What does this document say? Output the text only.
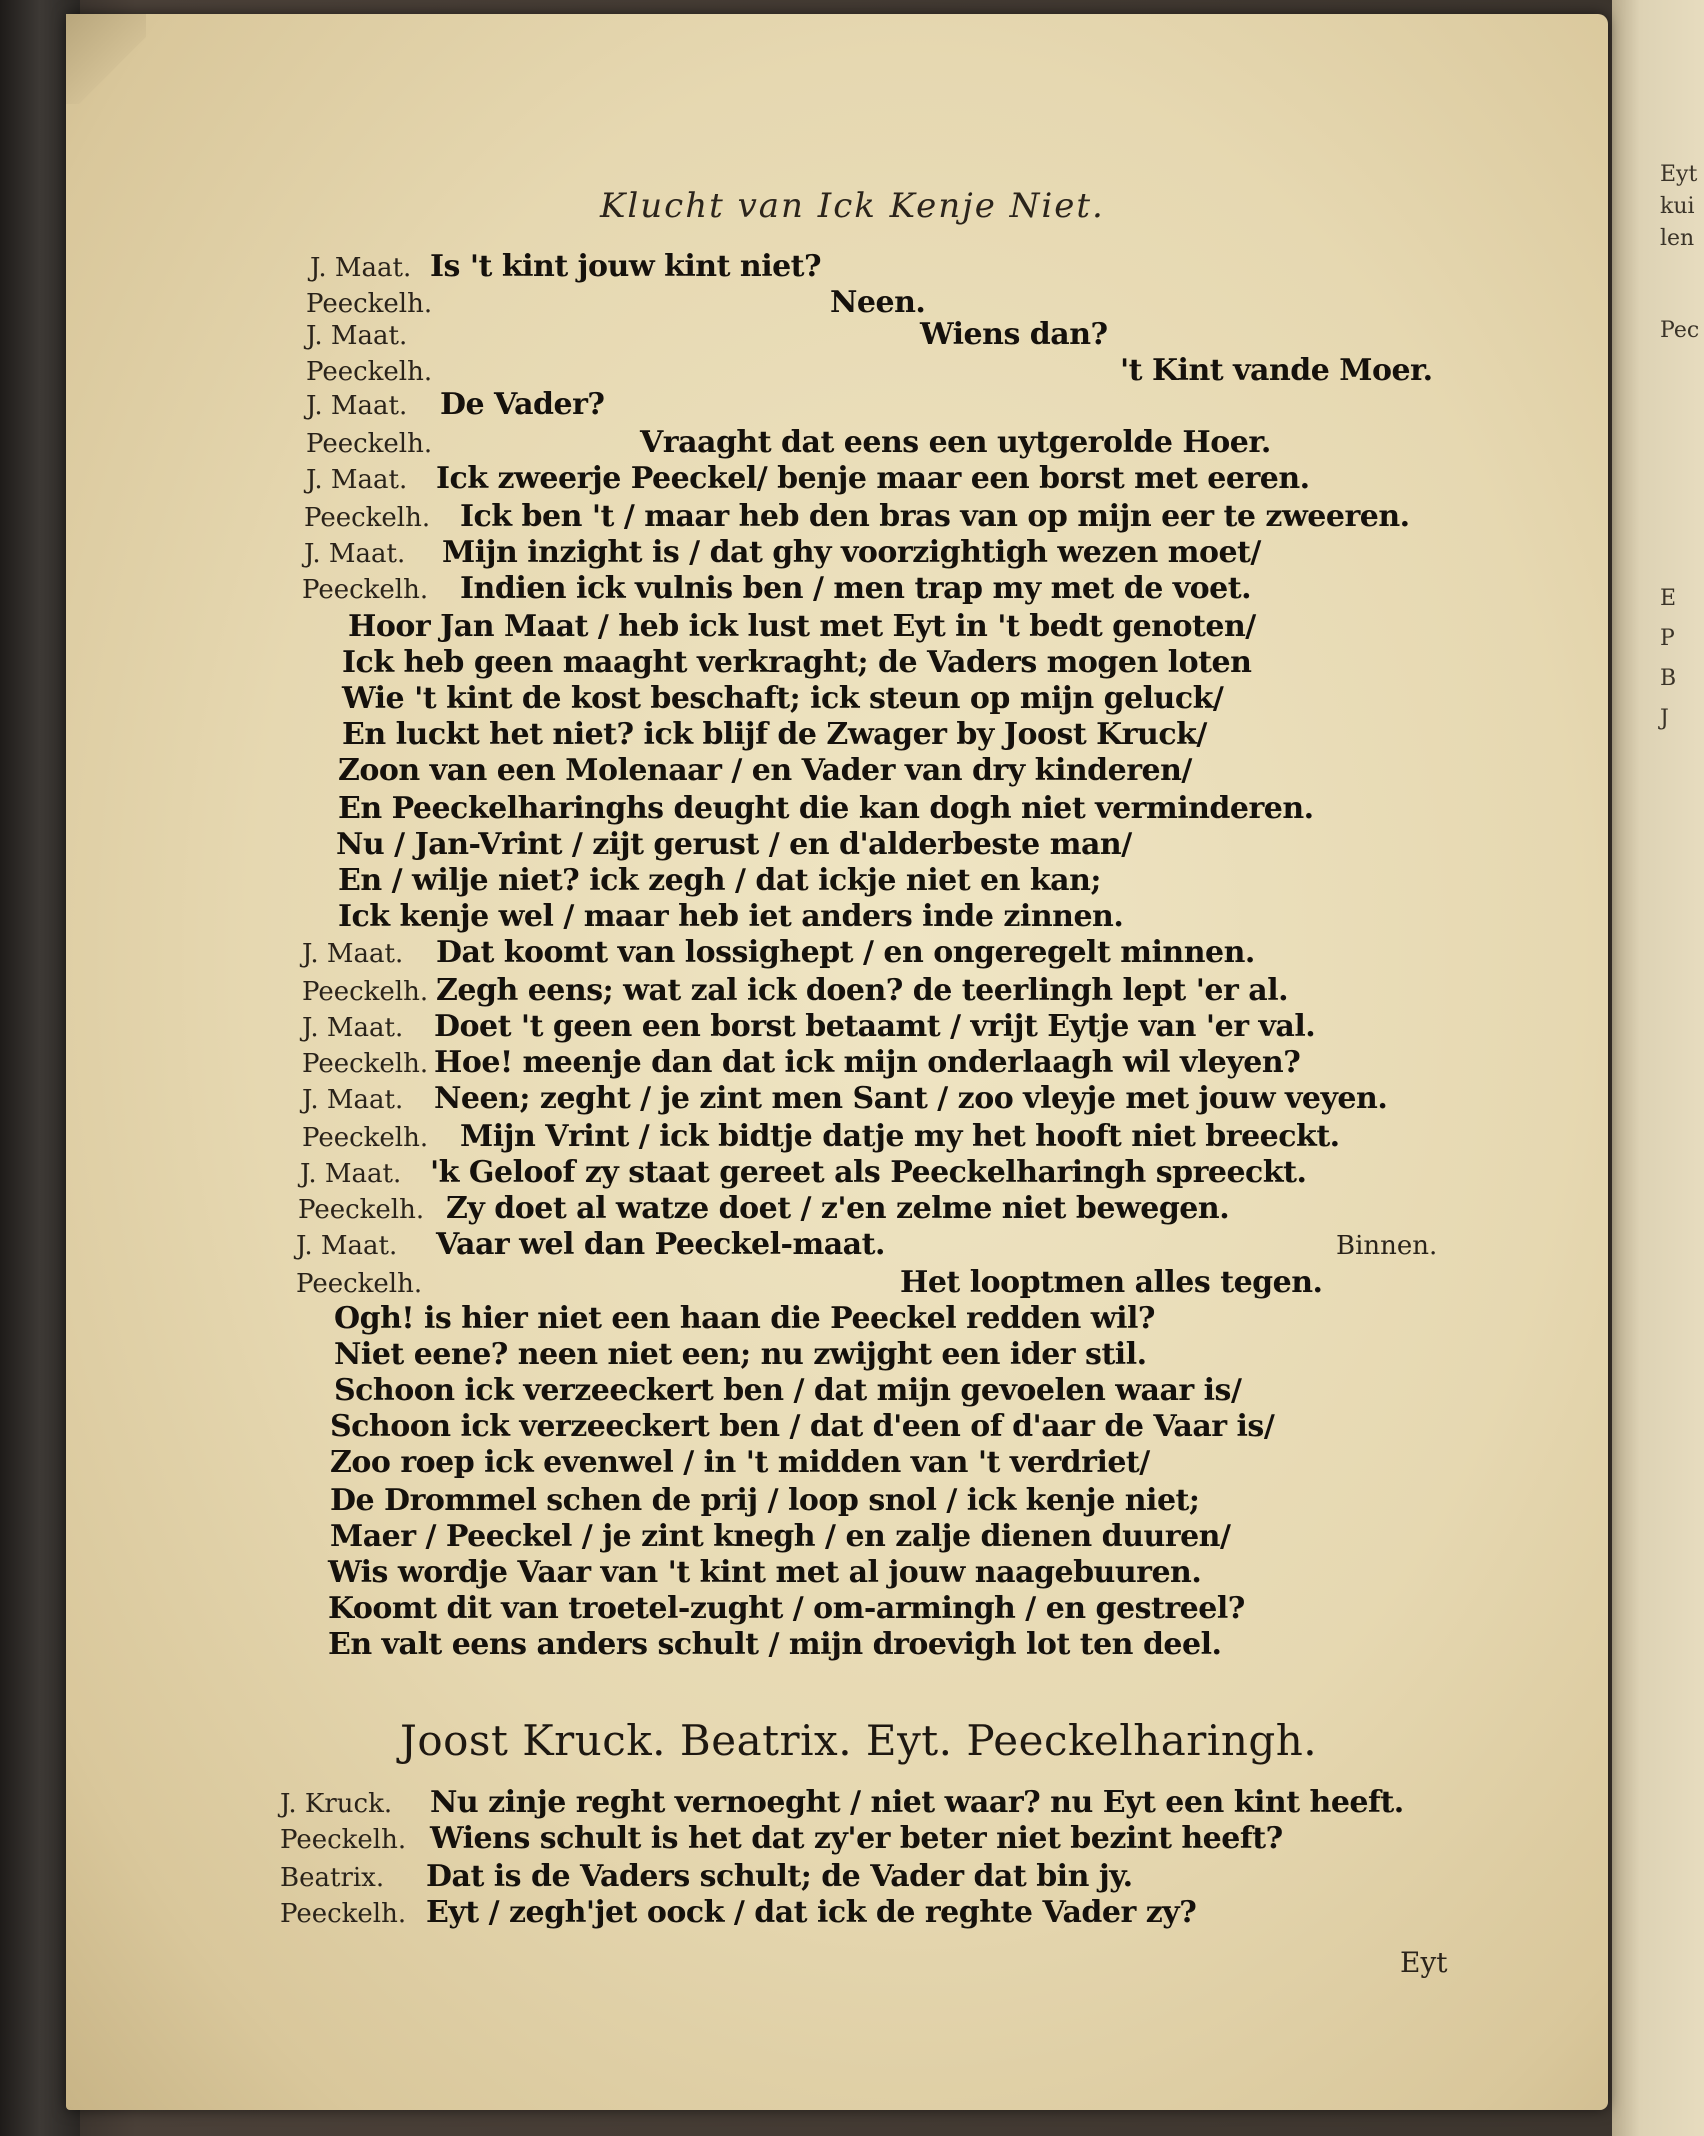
Eyt
kui
len
Pec
E
P
B
J
Klucht van Ick Kenje Niet.
J. Maat. Is 't kint jouw kint niet?
Peeckelh.	Neen.
J. Maat.	Wiens dan?
Peeckelh.	't Kint vande Moer.
J. Maat. De Vader?
Peeckelh.	Vraaght dat eens een uytgerolde Hoer.
J. Maat. Ick zweerje Peeckel/ benje maar een borst met eeren.
Peeckelh. Ick ben 't / maar heb den bras van op mijn eer te zweeren.
J. Maat. Mijn inzight is / dat ghy voorzightigh wezen moet/
Peeckelh. Indien ick vulnis ben / men trap my met de voet.
Hoor Jan Maat / heb ick lust met Eyt in 't bedt genoten/
Ick heb geen maaght verkraght; de Vaders mogen loten
Wie 't kint de kost beschaft; ick steun op mijn geluck/
En luckt het niet? ick blijf de Zwager by Joost Kruck/
Zoon van een Molenaar / en Vader van dry kinderen/
En Peeckelharinghs deught die kan dogh niet verminderen.
Nu / Jan-Vrint / zijt gerust / en d'alderbeste man/
En / wilje niet? ick zegh / dat ickje niet en kan;
Ick kenje wel / maar heb iet anders inde zinnen.
J. Maat. Dat koomt van lossighept / en ongeregelt minnen.
Peeckelh. Zegh eens; wat zal ick doen? de teerlingh lept 'er al.
J. Maat. Doet 't geen een borst betaamt / vrijt Eytje van 'er val.
Peeckelh. Hoe! meenje dan dat ick mijn onderlaagh wil vleyen?
J. Maat. Neen; zeght / je zint men Sant / zoo vleyje met jouw veyen.
Peeckelh. Mijn Vrint / ick bidtje datje my het hooft niet breeckt.
J. Maat. 'k Geloof zy staat gereet als Peeckelharingh spreeckt.
Peeckelh. Zy doet al watze doet / z'en zelme niet bewegen.
J. Maat. Vaar wel dan Peeckel-maat.	Binnen.
Peeckelh.	Het looptmen alles tegen.
Ogh! is hier niet een haan die Peeckel redden wil?
Niet eene? neen niet een; nu zwijght een ider stil.
Schoon ick verzeeckert ben / dat mijn gevoelen waar is/
Schoon ick verzeeckert ben / dat d'een of d'aar de Vaar is/
Zoo roep ick evenwel / in 't midden van 't verdriet/
De Drommel schen de prij / loop snol / ick kenje niet;
Maer / Peeckel / je zint knegh / en zalje dienen duuren/
Wis wordje Vaar van 't kint met al jouw naagebuuren.
Koomt dit van troetel-zught / om-armingh / en gestreel?
En valt eens anders schult / mijn droevigh lot ten deel.
Joost Kruck. Beatrix. Eyt. Peeckelharingh.
J. Kruck. Nu zinje reght vernoeght / niet waar? nu Eyt een kint heeft.
Peeckelh. Wiens schult is het dat zy'er beter niet bezint heeft?
Beatrix. Dat is de Vaders schult; de Vader dat bin jy.
Peeckelh. Eyt / zegh'jet oock / dat ick de reghte Vader zy?
Eyt
